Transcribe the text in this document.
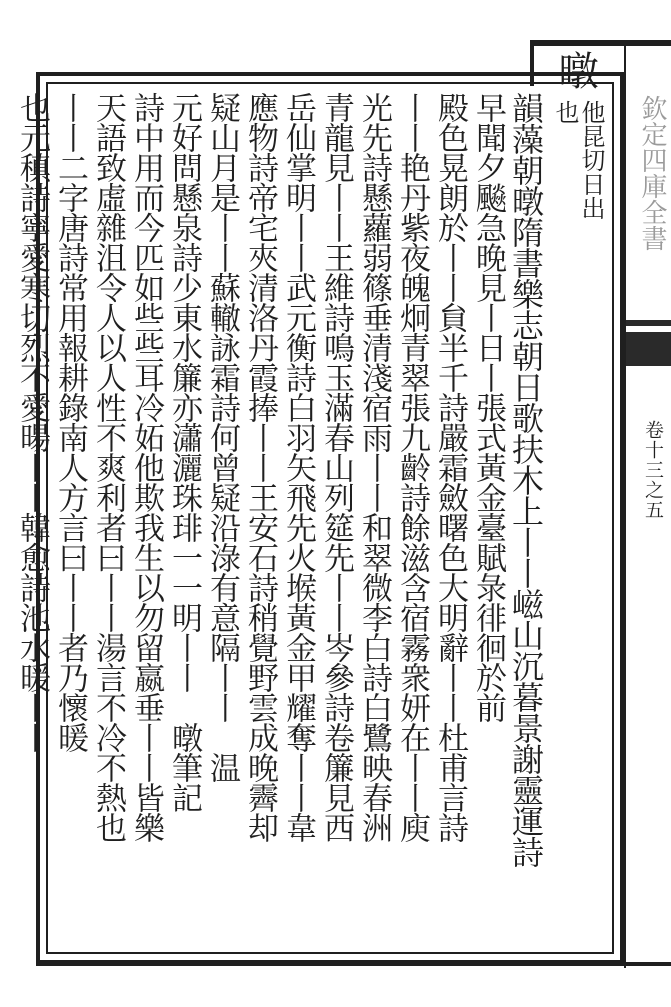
欽定四庫全書
卷十三之五
暾
他昆切日出也
韻藻朝暾隋書樂志朝日歌扶木上丨丨嵫山沉暮景謝靈運詩
早聞夕飈急晚見丨日丨張式黃金臺賦彔徘徊於前
殿色晃朗於丨丨貟半千詩嚴霜斂曙色大明辭丨丨杜甫言詩
丨丨艳丹紫夜魄炯青翠張九齡詩餘滋含宿霧衆妍在丨丨庾
光先詩懸蘿弱篠垂清淺宿雨丨丨和翠微李白詩白鷺映春洲
青龍見丨丨王維詩鳴玉滿春山列筵先丨丨岑參詩卷簾見西
岳仙掌明丨丨武元衡詩白羽矢飛先火堠黃金甲耀奪丨丨韋
應物詩帝宅夾清洛丹霞捧丨丨王安石詩稍覺野雲成晚霽却
疑山月是丨丨蘇轍詠霜詩何曾疑沿淥有意隔丨丨　温
元好問懸泉詩少東水簾亦瀟灑珠琲一一明丨丨　暾筆記
詩中用而今匹如些些耳冷妬他欺我生以勿留嬴垂丨丨皆樂
天語致虛雜沮令人以人性不爽利者曰丨丨湯言不冷不熱也
丨丨二字唐詩常用報耕錄南人方言曰丨丨者乃懷暖
也元稹詩寧愛寒切烈不愛暘丨丨韓愈詩池水暖丨丨
